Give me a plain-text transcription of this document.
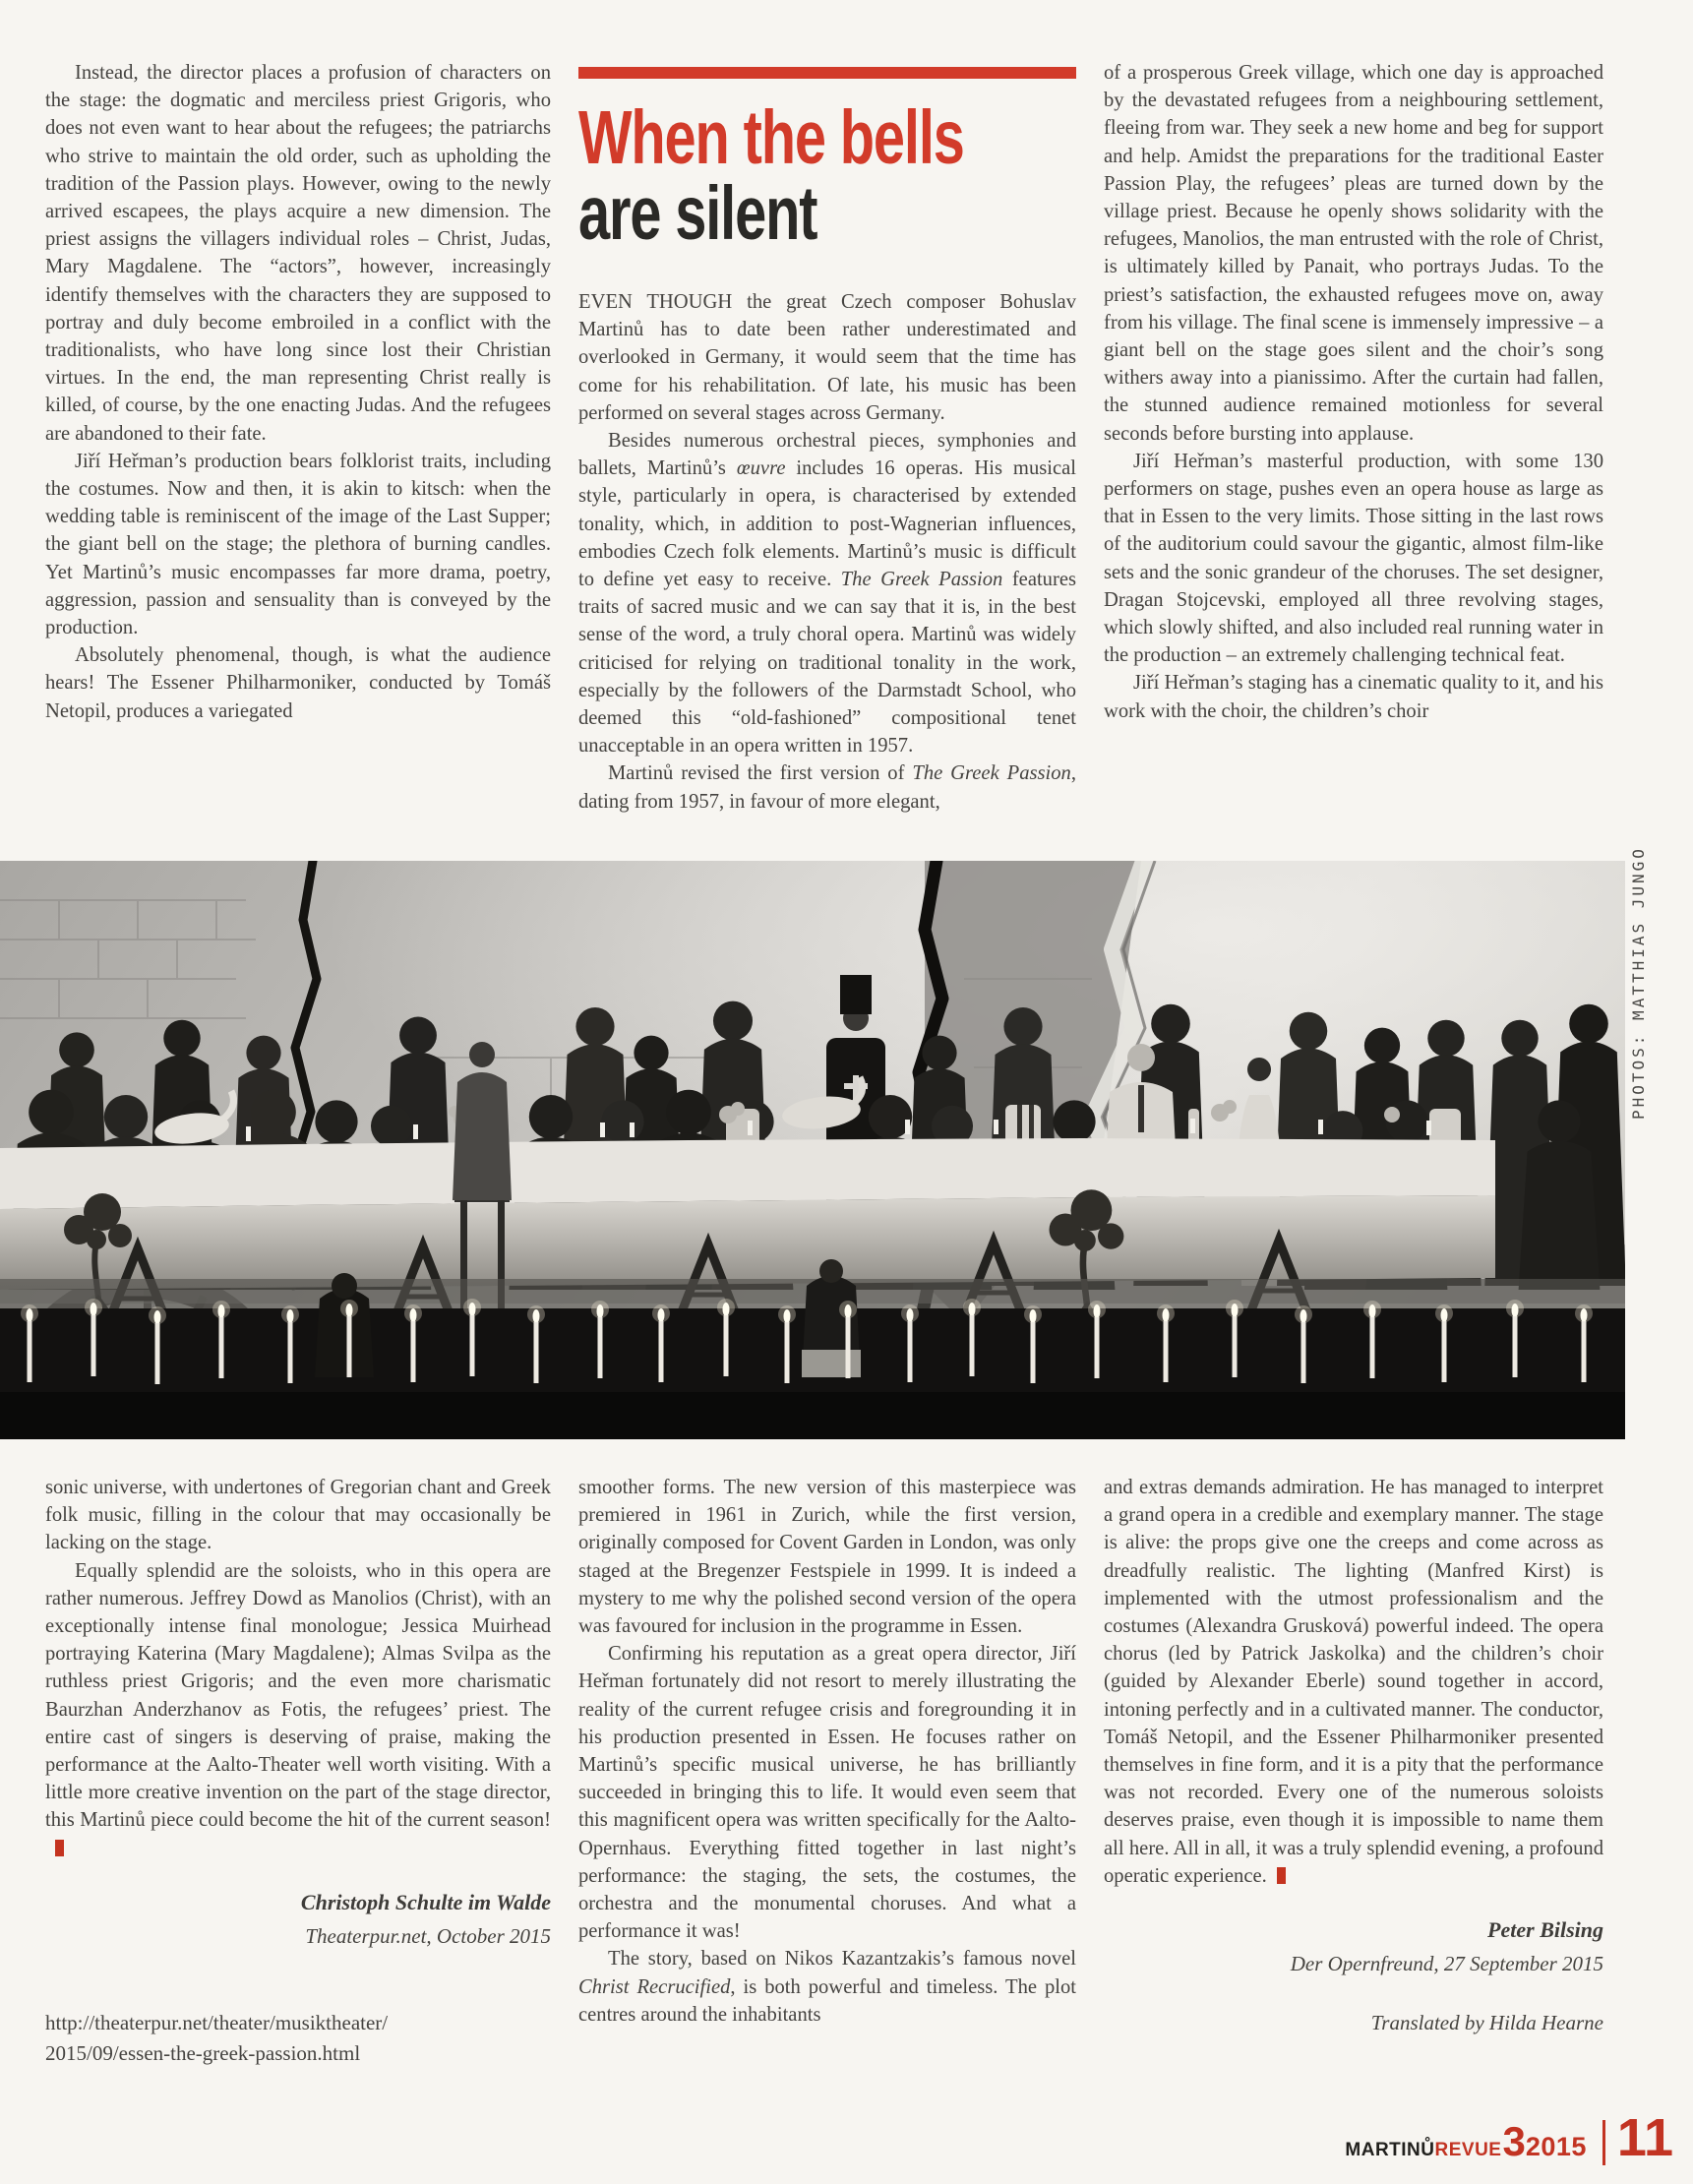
Instead, the director places a profusion of characters on the stage: the dogmatic and merciless priest Grigoris, who does not even want to hear about the refugees; the patriarchs who strive to maintain the old order, such as upholding the tradition of the Passion plays. However, owing to the newly arrived escapees, the plays acquire a new dimension. The priest assigns the villagers individual roles – Christ, Judas, Mary Magdalene. The “actors”, however, increasingly identify themselves with the characters they are supposed to portray and duly become embroiled in a conflict with the traditionalists, who have long since lost their Christian virtues. In the end, the man representing Christ really is killed, of course, by the one enacting Judas. And the refugees are abandoned to their fate.

Jiří Heřman’s production bears folklorist traits, including the costumes. Now and then, it is akin to kitsch: when the wedding table is reminiscent of the image of the Last Supper; the giant bell on the stage; the plethora of burning candles. Yet Martinů’s music encompasses far more drama, poetry, aggression, passion and sensuality than is conveyed by the production.

Absolutely phenomenal, though, is what the audience hears! The Essener Philharmoniker, conducted by Tomáš Netopil, produces a variegated

When the bellsare silent

EVEN THOUGH the great Czech composer Bohuslav Martinů has to date been rather underestimated and overlooked in Germany, it would seem that the time has come for his rehabilitation. Of late, his music has been performed on several stages across Germany.

Besides numerous orchestral pieces, symphonies and ballets, Martinů’s œuvre includes 16 operas. His musical style, particularly in opera, is characterised by extended tonality, which, in addition to post-Wagnerian influences, embodies Czech folk elements. Martinů’s music is difficult to define yet easy to receive. The Greek Passion features traits of sacred music and we can say that it is, in the best sense of the word, a truly choral opera. Martinů was widely criticised for relying on traditional tonality in the work, especially by the followers of the Darmstadt School, who deemed this “old-fashioned” compositional tenet unacceptable in an opera written in 1957.

Martinů revised the first version of The Greek Passion, dating from 1957, in favour of more elegant,

of a prosperous Greek village, which one day is approached by the devastated refugees from a neighbouring settlement, fleeing from war. They seek a new home and beg for support and help. Amidst the preparations for the traditional Easter Passion Play, the refugees’ pleas are turned down by the village priest. Because he openly shows solidarity with the refugees, Manolios, the man entrusted with the role of Christ, is ultimately killed by Panait, who portrays Judas. To the priest’s satisfaction, the exhausted refugees move on, away from his village. The final scene is immensely impressive – a giant bell on the stage goes silent and the choir’s song withers away into a pianissimo. After the curtain had fallen, the stunned audience remained motionless for several seconds before bursting into applause.

Jiří Heřman’s masterful production, with some 130 performers on stage, pushes even an opera house as large as that in Essen to the very limits. Those sitting in the last rows of the auditorium could savour the gigantic, almost film-like sets and the sonic grandeur of the choruses. The set designer, Dragan Stojcevski, employed all three revolving stages, which slowly shifted, and also included real running water in the production – an extremely challenging technical feat.

Jiří Heřman’s staging has a cinematic quality to it, and his work with the choir, the children’s choir

PHOTOS: MATTHIAS JUNGO

sonic universe, with undertones of Gregorian chant and Greek folk music, filling in the colour that may occasionally be lacking on the stage.

Equally splendid are the soloists, who in this opera are rather numerous. Jeffrey Dowd as Manolios (Christ), with an exceptionally intense final monologue; Jessica Muirhead portraying Katerina (Mary Magdalene); Almas Svilpa as the ruthless priest Grigoris; and the even more charismatic Baurzhan Anderzhanov as Fotis, the refugees’ priest. The entire cast of singers is deserving of praise, making the performance at the Aalto-Theater well worth visiting. With a little more creative invention on the part of the stage director, this Martinů piece could become the hit of the current season!

Christoph Schulte im Walde

Theaterpur.net, October 2015

http://theaterpur.net/theater/musiktheater/
2015/09/essen-the-greek-passion.html

smoother forms. The new version of this masterpiece was premiered in 1961 in Zurich, while the first version, originally composed for Covent Garden in London, was only staged at the Bregenzer Festspiele in 1999. It is indeed a mystery to me why the polished second version of the opera was favoured for inclusion in the programme in Essen.

Confirming his reputation as a great opera director, Jiří Heřman fortunately did not resort to merely illustrating the reality of the current refugee crisis and foregrounding it in his production presented in Essen. He focuses rather on Martinů’s specific musical universe, he has brilliantly succeeded in bringing this to life. It would even seem that this magnificent opera was written specifically for the Aalto-Opernhaus. Everything fitted together in last night’s performance: the staging, the sets, the costumes, the orchestra and the monumental choruses. And what a performance it was!

The story, based on Nikos Kazantzakis’s famous novel Christ Recrucified, is both powerful and timeless. The plot centres around the inhabitants

and extras demands admiration. He has managed to interpret a grand opera in a credible and exemplary manner. The stage is alive: the props give one the creeps and come across as dreadfully realistic. The lighting (Manfred Kirst) is implemented with the utmost professionalism and the costumes (Alexandra Grusková) powerful indeed. The opera chorus (led by Patrick Jaskolka) and the children’s choir (guided by Alexander Eberle) sound together in accord, intoning perfectly and in a cultivated manner. The conductor, Tomáš Netopil, and the Essener Philharmoniker presented themselves in fine form, and it is a pity that the performance was not recorded. Every one of the numerous soloists deserves praise, even though it is impossible to name them all here. All in all, it was a truly splendid evening, a profound operatic experience.

Peter Bilsing

Der Opernfreund, 27 September 2015

Translated by Hilda Hearne

martinů revue 3 2015 11
